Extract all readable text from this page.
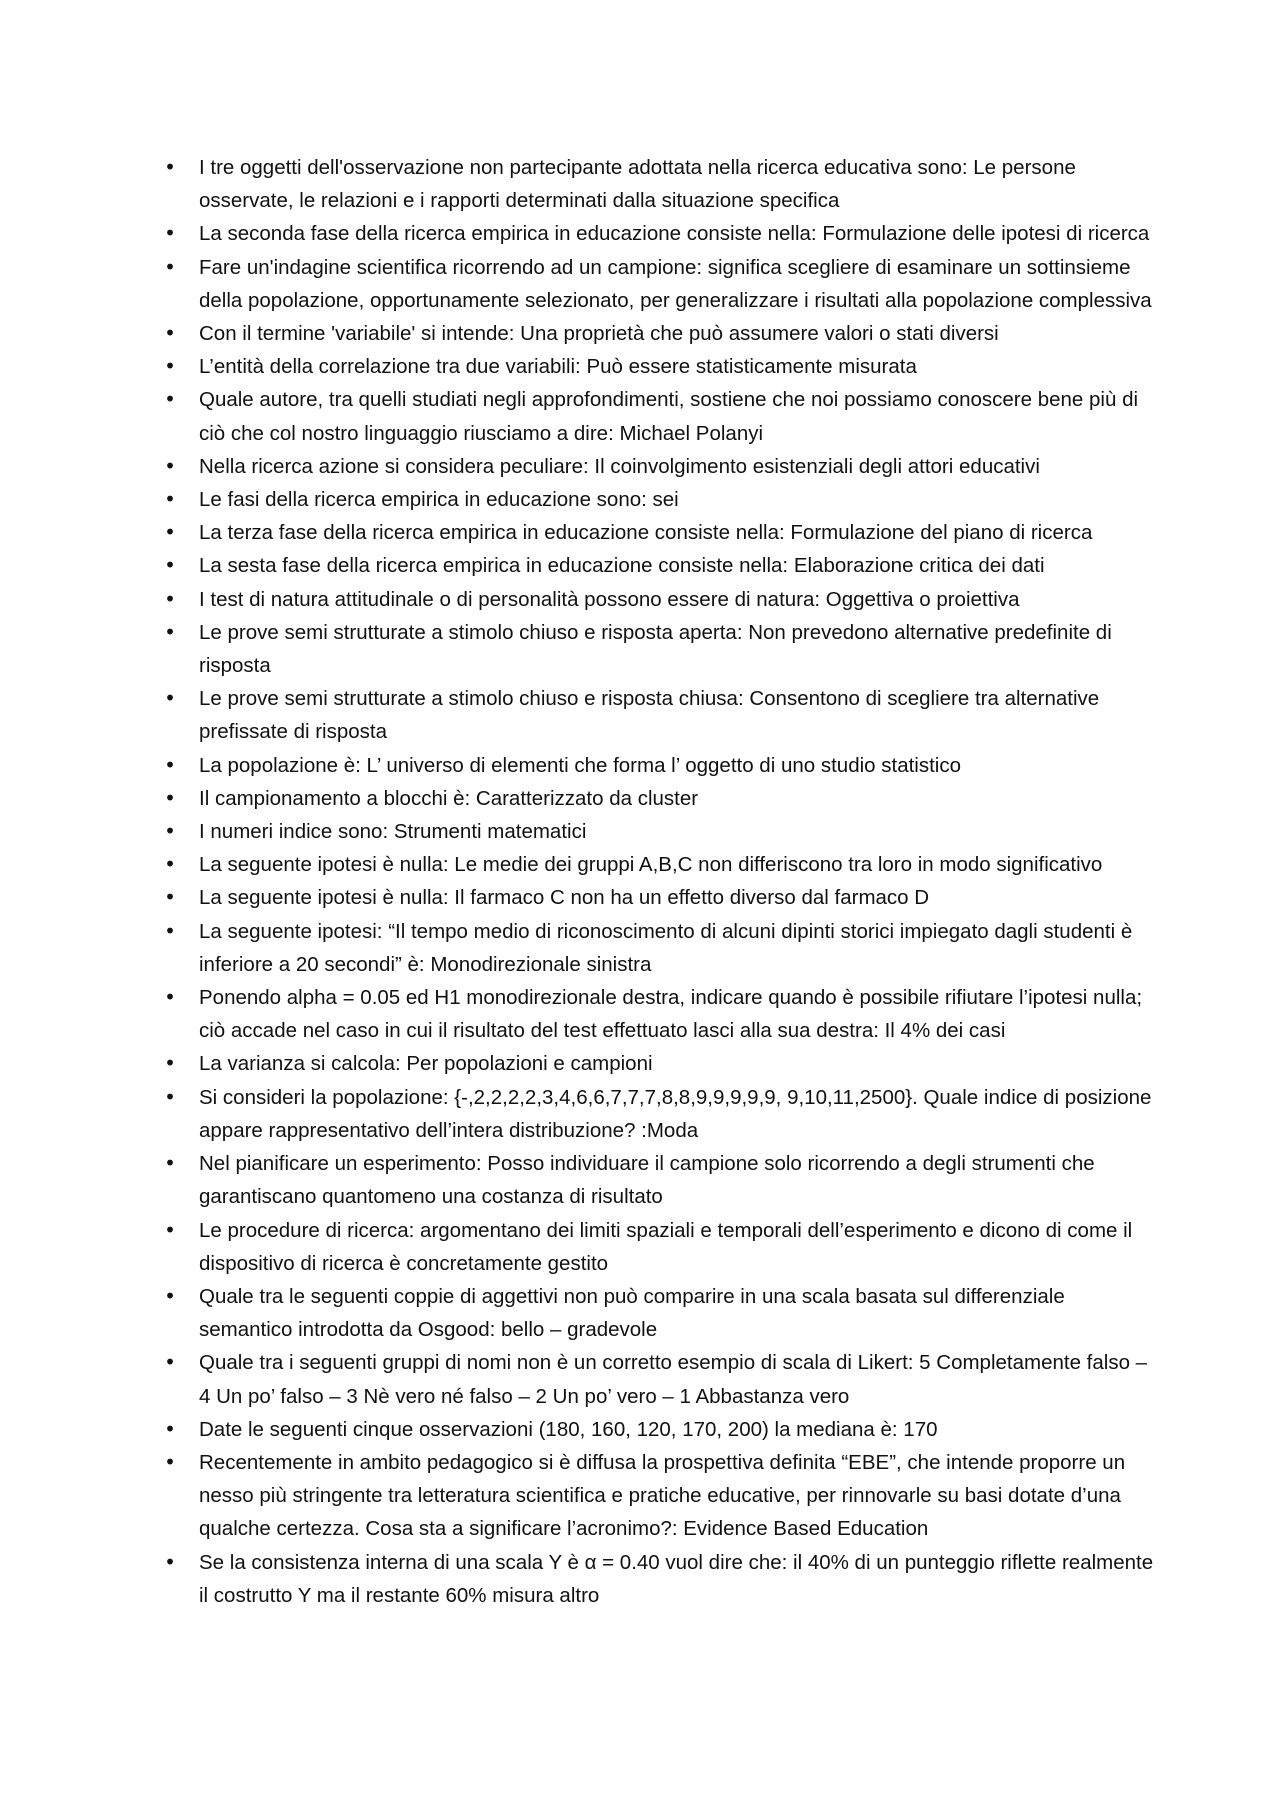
• I tre oggetti dell'osservazione non partecipante adottata nella ricerca educativa sono: Le persone osservate, le relazioni e i rapporti determinati dalla situazione specifica
• La seconda fase della ricerca empirica in educazione consiste nella: Formulazione delle ipotesi di ricerca
• Fare un'indagine scientifica ricorrendo ad un campione: significa scegliere di esaminare un sottinsieme della popolazione, opportunamente selezionato, per generalizzare i risultati alla popolazione complessiva
• Con il termine 'variabile' si intende: Una proprietà che può assumere valori o stati diversi
• L’entità della correlazione tra due variabili: Può essere statisticamente misurata
• Quale autore, tra quelli studiati negli approfondimenti, sostiene che noi possiamo conoscere bene più di ciò che col nostro linguaggio riusciamo a dire: Michael Polanyi
• Nella ricerca azione si considera peculiare: Il coinvolgimento esistenziali degli attori educativi
• Le fasi della ricerca empirica in educazione sono: sei
• La terza fase della ricerca empirica in educazione consiste nella: Formulazione del piano di ricerca
• La sesta fase della ricerca empirica in educazione consiste nella: Elaborazione critica dei dati
• I test di natura attitudinale o di personalità possono essere di natura: Oggettiva o proiettiva
• Le prove semi strutturate a stimolo chiuso e risposta aperta: Non prevedono alternative predefinite di risposta
• Le prove semi strutturate a stimolo chiuso e risposta chiusa: Consentono di scegliere tra alternative prefissate di risposta
• La popolazione è: L’ universo di elementi che forma l’ oggetto di uno studio statistico
• Il campionamento a blocchi è: Caratterizzato da cluster
• I numeri indice sono: Strumenti matematici
• La seguente ipotesi è nulla: Le medie dei gruppi A,B,C non differiscono tra loro in modo significativo
• La seguente ipotesi è nulla: Il farmaco C non ha un effetto diverso dal farmaco D
• La seguente ipotesi: “Il tempo medio di riconoscimento di alcuni dipinti storici impiegato dagli studenti è inferiore a 20 secondi” è: Monodirezionale sinistra
• Ponendo alpha = 0.05 ed H1 monodirezionale destra, indicare quando è possibile rifiutare l’ipotesi nulla; ciò accade nel caso in cui il risultato del test effettuato lasci alla sua destra: Il 4% dei casi
• La varianza si calcola: Per popolazioni e campioni
• Si consideri la popolazione: {-,2,2,2,2,3,4,6,6,7,7,7,8,8,9,9,9,9,9, 9,10,11,2500}. Quale indice di posizione appare rappresentativo dell’intera distribuzione? :Moda
• Nel pianificare un esperimento: Posso individuare il campione solo ricorrendo a degli strumenti che garantiscano quantomeno una costanza di risultato
• Le procedure di ricerca: argomentano dei limiti spaziali e temporali dell’esperimento e dicono di come il dispositivo di ricerca è concretamente gestito
• Quale tra le seguenti coppie di aggettivi non può comparire in una scala basata sul differenziale semantico introdotta da Osgood: bello – gradevole
• Quale tra i seguenti gruppi di nomi non è un corretto esempio di scala di Likert: 5 Completamente falso – 4 Un po’ falso – 3 Nè vero né falso – 2 Un po’ vero – 1 Abbastanza vero
• Date le seguenti cinque osservazioni (180, 160, 120, 170, 200) la mediana è: 170
• Recentemente in ambito pedagogico si è diffusa la prospettiva definita “EBE”, che intende proporre un nesso più stringente tra letteratura scientifica e pratiche educative, per rinnovarle su basi dotate d’una qualche certezza. Cosa sta a significare l’acronimo?: Evidence Based Education
• Se la consistenza interna di una scala Y è α = 0.40 vuol dire che: il 40% di un punteggio riflette realmente il costrutto Y ma il restante 60% misura altro
